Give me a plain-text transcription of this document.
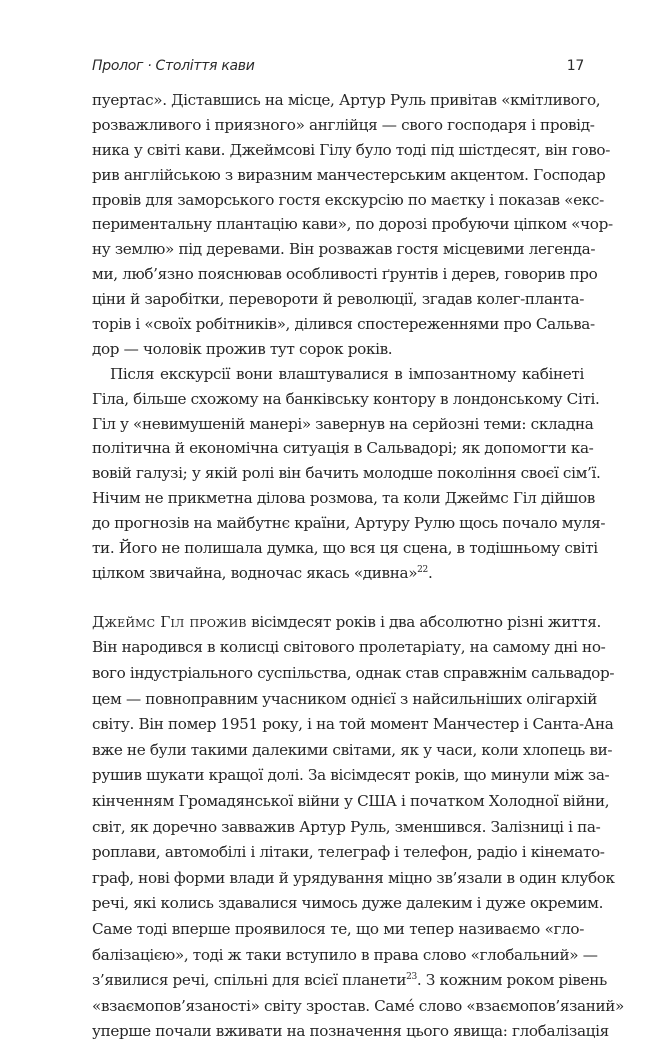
Пролог · Століття кави	17
пуертас». Діставшись на місце, Артур Руль привітав «кмітливого,
розважливого і приязного» англійця — свого господаря і провід-
ника у світі кави. Джеймсові Гілу було тоді під шістдесят, він гово-
рив англійською з виразним манчестерським акцентом. Господар
провів для заморського гостя екскурсію по маєтку і показав «екс-
периментальну плантацію кави», по дорозі пробуючи ціпком «чор-
ну землю» під деревами. Він розважав гостя місцевими легенда-
ми, люб’язно пояснював особливості ґрунтів і дерев, говорив про
ціни й заробітки, перевороти й революції, згадав колег-планта-
торів і «своїх робітників», ділився спостереженнями про Сальва-
дор — чоловік прожив тут сорок років.
Після екскурсії вони влаштувалися в імпозантному кабінеті
Гіла, більше схожому на банківську контору в лондонському Сіті.
Гіл у «невимушеній манері» завернув на серйозні теми: складна
політична й економічна ситуація в Сальвадорі; як допомогти ка-
вовій галузі; у якій ролі він бачить молодше покоління своєї сім’ї.
Нічим не прикметна ділова розмова, та коли Джеймс Гіл дійшов
до прогнозів на майбутнє країни, Артуру Рулю щось почало муля-
ти. Його не полишала думка, що вся ця сцена, в тодішньому світі
цілком звичайна, водночас якась «дивна»$^{22}$.
Джеймс Гіл прожив вісімдесят років і два абсолютно різні життя.
Він народився в колисці світового пролетаріату, на самому дні но-
вого індустріального суспільства, однак став справжнім сальвадор-
цем — повноправним учасником однієї з найсильніших олігархій
світу. Він помер 1951 року, і на той момент Манчестер і Санта-Ана
вже не були такими далекими світами, як у часи, коли хлопець ви-
рушив шукати кращої долі. За вісімдесят років, що минули між за-
кінченням Громадянської війни у США і початком Холодної війни,
світ, як доречно завважив Артур Руль, зменшився. Залізниці і па-
роплави, автомобілі і літаки, телеграф і телефон, радіо і кінемато-
граф, нові форми влади й урядування міцно зв’язали в один клубок
речі, які колись здавалися чимось дуже далеким і дуже окремим.
Саме тоді вперше проявилося те, що ми тепер називаємо «гло-
балізацією», тоді ж таки вступило в права слово «глобальний» —
з’явилися речі, спільні для всієї планети$^{23}$. З кожним роком рівень
«взаємопов’язаності» світу зростав. Самé слово «взаємопов’язаний»
уперше почали вживати на позначення цього явища: глобалізація
